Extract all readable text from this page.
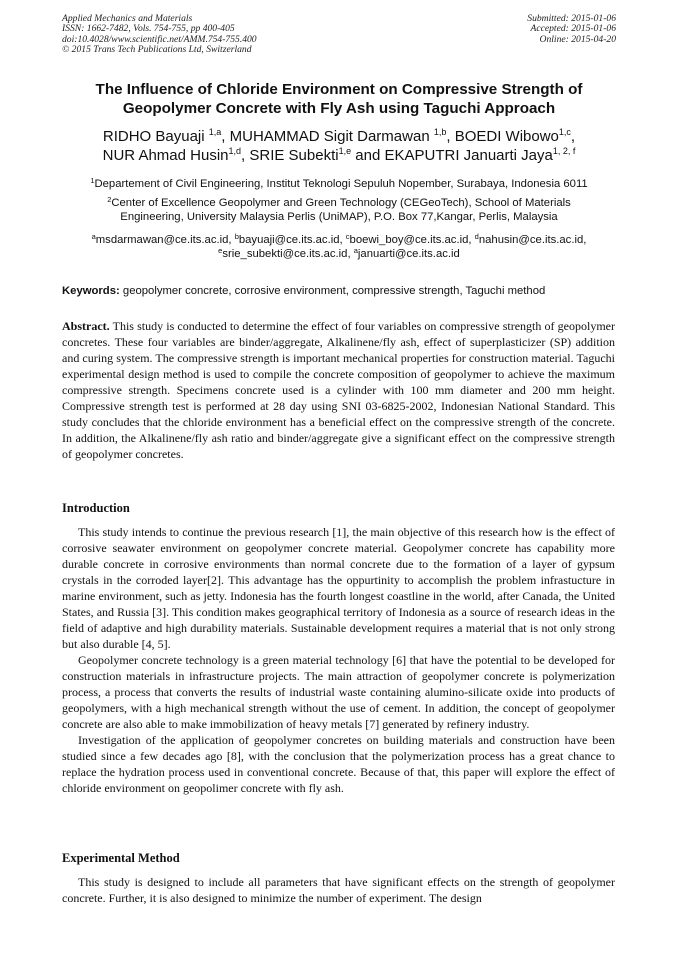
Applied Mechanics and Materials
ISSN: 1662-7482, Vols. 754-755, pp 400-405
doi:10.4028/www.scientific.net/AMM.754-755.400
© 2015 Trans Tech Publications Ltd, Switzerland
Submitted: 2015-01-06
Accepted: 2015-01-06
Online: 2015-04-20
The Influence of Chloride Environment on Compressive Strength of
Geopolymer Concrete with Fly Ash using Taguchi Approach
RIDHO Bayuaji $^{1,a}$, MUHAMMAD Sigit Darmawan $^{1,b}$, BOEDI Wibowo$^{1,c}$,
NUR Ahmad Husin$^{1,d}$, SRIE Subekti$^{1,e}$ and EKAPUTRI Januarti Jaya$^{1, 2, f}$
$^1$Departement of Civil Engineering, Institut Teknologi Sepuluh Nopember, Surabaya, Indonesia 6011
$^2$Center of Excellence Geopolymer and Green Technology (CEGeoTech), School of Materials
Engineering, University Malaysia Perlis (UniMAP), P.O. Box 77,Kangar, Perlis, Malaysia
$^a$msdarmawan@ce.its.ac.id, $^b$bayuaji@ce.its.ac.id, $^c$boewi_boy@ce.its.ac.id, $^d$nahusin@ce.its.ac.id,
$^e$srie_subekti@ce.its.ac.id, $^a$januarti@ce.its.ac.id
Keywords: geopolymer concrete, corrosive environment, compressive strength, Taguchi method
Abstract. This study is conducted to determine the effect of four variables on compressive strength of geopolymer concretes. These four variables are binder/aggregate, Alkalinene/fly ash, effect of superplasticizer (SP) addition and curing system. The compressive strength is important mechanical properties for construction material. Taguchi experimental design method is used to compile the concrete composition of geopolymer to achieve the maximum compressive strength. Specimens concrete used is a cylinder with 100 mm diameter and 200 mm height. Compressive strength test is performed at 28 day using SNI 03-6825-2002, Indonesian National Standard. This study concludes that the chloride environment has a beneficial effect on the compressive strength of the concrete. In addition, the Alkalinene/fly ash ratio and binder/aggregate give a significant effect on the compressive strength of geopolymer concretes.
Introduction

This study intends to continue the previous research [1], the main objective of this research how is the effect of corrosive seawater environment on geopolymer concrete material. Geopolymer concrete has capability more durable concrete in corrosive environments than normal concrete due to the formation of a layer of gypsum crystals in the corroded layer[2]. This advantage has the oppurtinity to accomplish the problem infrastucture in marine environment, such as jetty. Indonesia has the fourth longest coastline in the world, after Canada, the United States, and Russia [3]. This condition makes geographical territory of Indonesia as a source of research ideas in the field of adaptive and high durability materials. Sustainable development requires a material that is not only strong but also durable [4, 5].

Geopolymer concrete technology is a green material technology [6] that have the potential to be developed for construction materials in infrastructure projects. The main attraction of geopolymer concrete is polymerization process, a process that converts the results of industrial waste containing alumino-silicate oxide into products of geopolymers, with a high mechanical strength without the use of cement. In addition, the concept of geopolymer concrete are also able to make immobilization of heavy metals [7] generated by refinery industry.

Investigation of the application of geopolymer concretes on building materials and construction have been studied since a few decades ago [8], with the conclusion that the polymerization process has a great chance to replace the hydration process used in conventional concrete. Because of that, this paper will explore the effect of chloride environment on geopolimer concrete with fly ash.

Experimental Method

This study is designed to include all parameters that have significant effects on the strength of geopolymer concrete. Further, it is also designed to minimize the number of experiment. The design
